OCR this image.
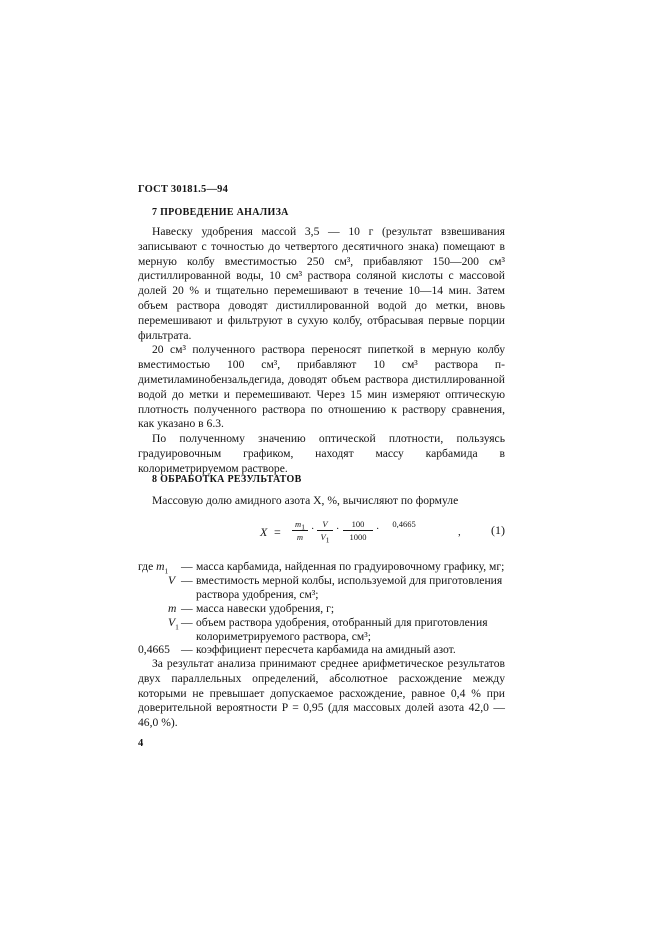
ГОСТ 30181.5—94
7 ПРОВЕДЕНИЕ АНАЛИЗА

Навеску удобрения массой 3,5 — 10 г (результат взвешивания записывают с точностью до четвертого десятичного знака) помещают в мерную колбу вместимостью 250 см³, прибавляют 150—200 см³ дистиллированной воды, 10 см³ раствора соляной кислоты с массовой долей 20 % и тщательно перемешивают в течение 10—14 мин. Затем объем раствора доводят дистиллированной водой до метки, вновь перемешивают и фильтруют в сухую колбу, отбрасывая первые порции фильтрата.

20 см³ полученного раствора переносят пипеткой в мерную колбу вместимостью 100 см³, прибавляют 10 см³ раствора п-диметиламинобензальдегида, доводят объем раствора дистиллированной водой до метки и перемешивают. Через 15 мин измеряют оптическую плотность полученного раствора по отношению к раствору сравнения, как указано в 6.3.

По полученному значению оптической плотности, пользуясь градуировочным графиком, находят массу карбамида в колориметрируемом растворе.

8 ОБРАБОТКА РЕЗУЛЬТАТОВ

Массовую долю амидного азота X, %, вычисляют по формуле

X =
$m_1$
m
· V
$V_1$
·	100
1000
·	0,4665
,	(1)
где $m_1$ — масса карбамида, найденная по градуировочному графику, мг;
V — вместимость мерной колбы, используемой для приготовления раствора удобрения, см³;
m — масса навески удобрения, г;
$V_1$ — объем раствора удобрения, отобранный для приготовления колориметрируемого раствора, см³;
0,4665 — коэффициент пересчета карбамида на амидный азот.

За результат анализа принимают среднее арифметическое результатов двух параллельных определений, абсолютное расхождение между которыми не превышает допускаемое расхождение, равное 0,4 % при доверительной вероятности P = 0,95 (для массовых долей азота 42,0 — 46,0 %).

4
